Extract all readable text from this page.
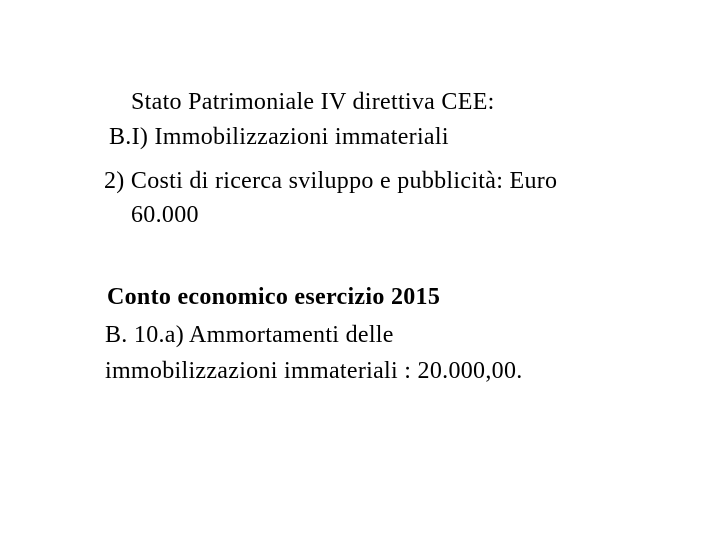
Stato Patrimoniale IV direttiva CEE:
B.I) Immobilizzazioni immateriali
2) Costi di ricerca sviluppo e pubblicità: Euro
60.000
Conto economico esercizio 2015
B. 10.a) Ammortamenti delle
immobilizzazioni immateriali : 20.000,00.
